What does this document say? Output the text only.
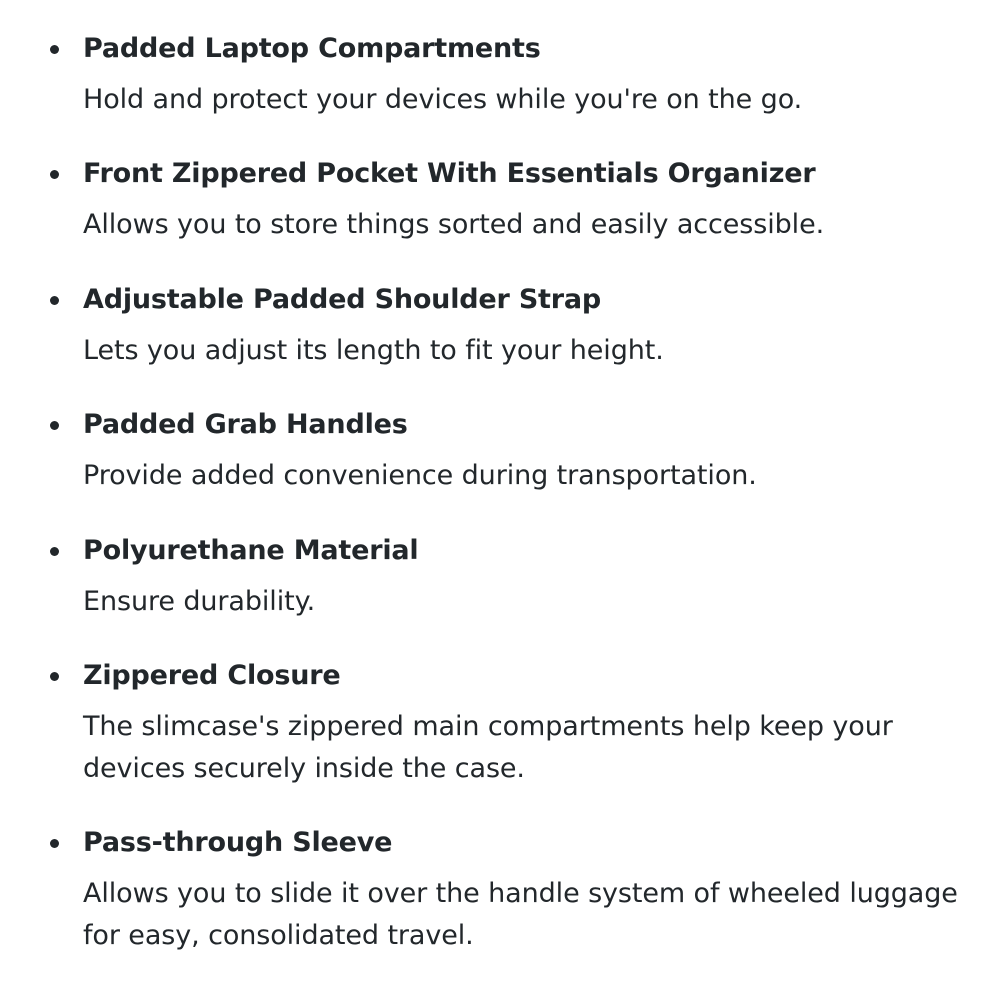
Padded Laptop Compartments
Hold and protect your devices while you're on the go.
Front Zippered Pocket With Essentials Organizer
Allows you to store things sorted and easily accessible.
Adjustable Padded Shoulder Strap
Lets you adjust its length to fit your height.
Padded Grab Handles
Provide added convenience during transportation.
Polyurethane Material
Ensure durability.
Zippered Closure
The slimcase's zippered main compartments help keep your devices securely inside the case.
Pass-through Sleeve
Allows you to slide it over the handle system of wheeled luggage for easy, consolidated travel.
